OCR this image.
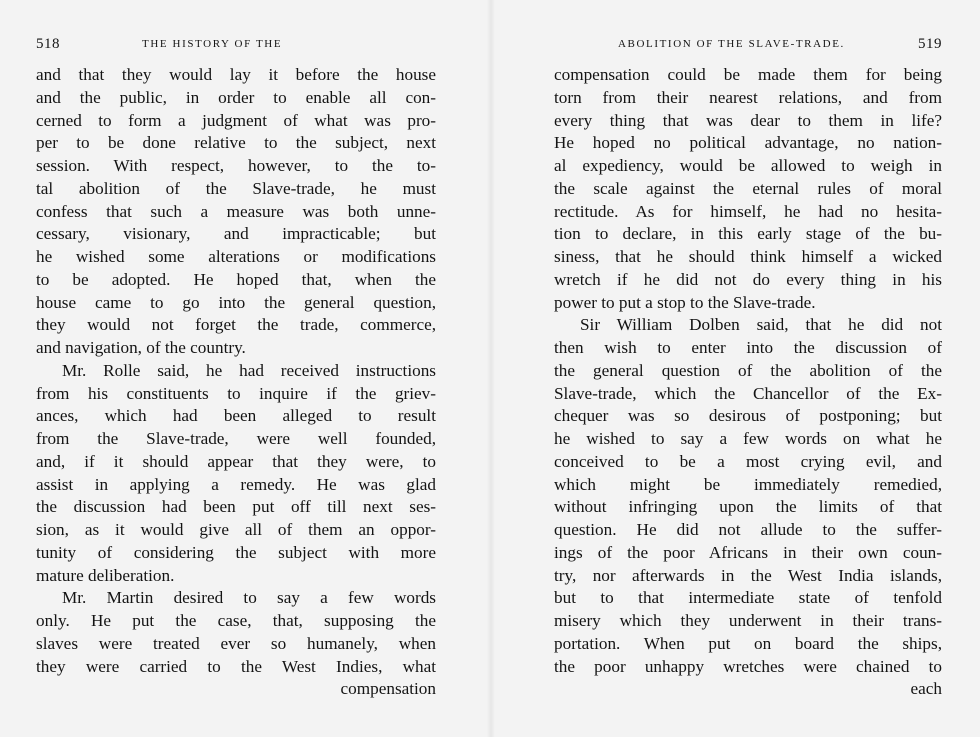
518	THE HISTORY OF THE
and that they would lay it before the house
and the public, in order to enable all con-
cerned to form a judgment of what was pro-
per to be done relative to the subject, next
session. With respect, however, to the to-
tal abolition of the Slave-trade, he must
confess that such a measure was both unne-
cessary, visionary, and impracticable; but
he wished some alterations or modifications
to be adopted. He hoped that, when the
house came to go into the general question,
they would not forget the trade, commerce,
and navigation, of the country.
Mr. Rolle said, he had received instructions
from his constituents to inquire if the griev-
ances, which had been alleged to result
from the Slave-trade, were well founded,
and, if it should appear that they were, to
assist in applying a remedy. He was glad
the discussion had been put off till next ses-
sion, as it would give all of them an oppor-
tunity of considering the subject with more
mature deliberation.
Mr. Martin desired to say a few words
only. He put the case, that, supposing the
slaves were treated ever so humanely, when
they were carried to the West Indies, what
compensation
ABOLITION OF THE SLAVE-TRADE.	519
compensation could be made them for being
torn from their nearest relations, and from
every thing that was dear to them in life?
He hoped no political advantage, no nation-
al expediency, would be allowed to weigh in
the scale against the eternal rules of moral
rectitude. As for himself, he had no hesita-
tion to declare, in this early stage of the bu-
siness, that he should think himself a wicked
wretch if he did not do every thing in his
power to put a stop to the Slave-trade.
Sir William Dolben said, that he did not
then wish to enter into the discussion of
the general question of the abolition of the
Slave-trade, which the Chancellor of the Ex-
chequer was so desirous of postponing; but
he wished to say a few words on what he
conceived to be a most crying evil, and
which might be immediately remedied,
without infringing upon the limits of that
question. He did not allude to the suffer-
ings of the poor Africans in their own coun-
try, nor afterwards in the West India islands,
but to that intermediate state of tenfold
misery which they underwent in their trans-
portation. When put on board the ships,
the poor unhappy wretches were chained to
each
